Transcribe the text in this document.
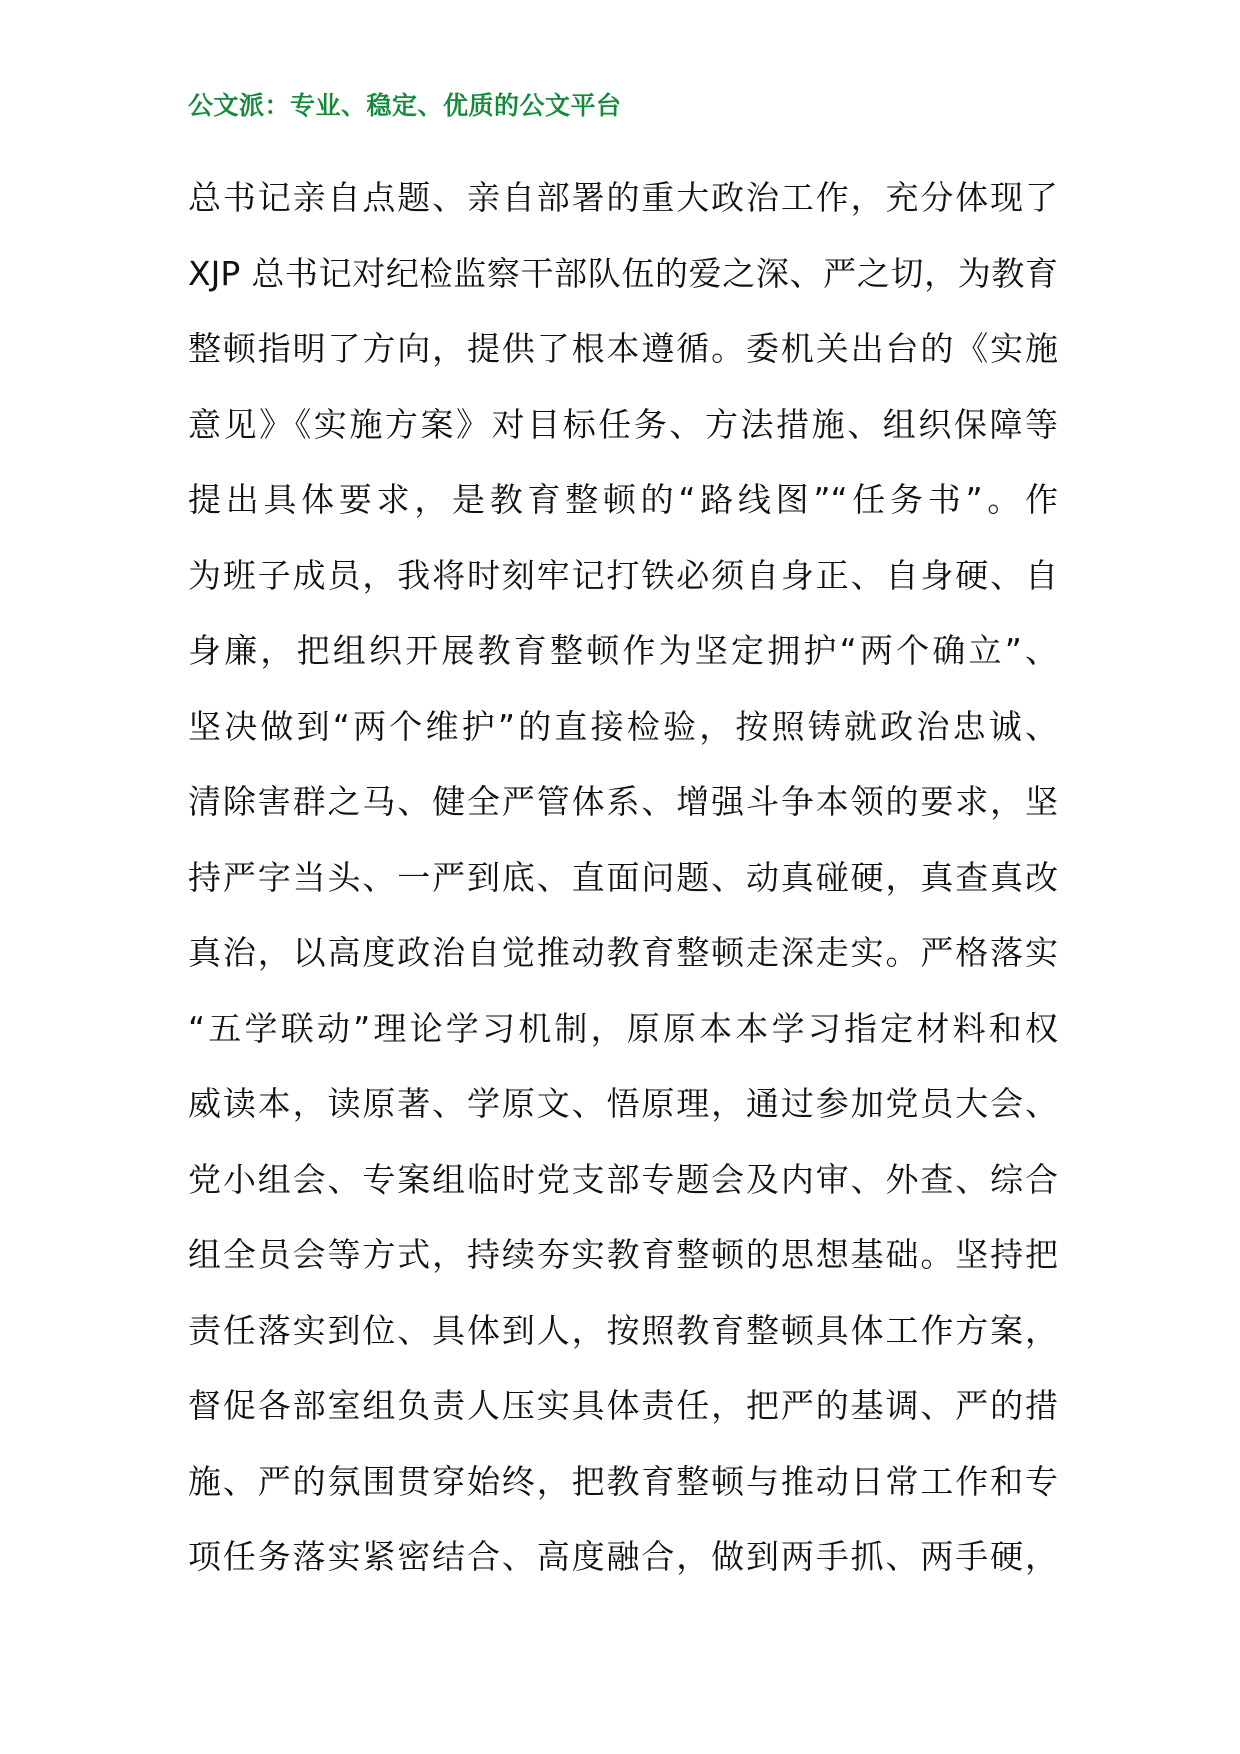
公文派：专业、稳定、优质的公文平台
总书记亲自点题、亲自部署的重大政治工作，充分体现了
XJP 总书记对纪检监察干部队伍的爱之深、严之切，为教育
整顿指明了方向，提供了根本遵循。委机关出台的《实施
意见》《实施方案》对目标任务、方法措施、组织保障等
提出具体要求，是教育整顿的“路线图”“任务书”。作
为班子成员，我将时刻牢记打铁必须自身正、自身硬、自
身廉，把组织开展教育整顿作为坚定拥护“两个确立”、
坚决做到“两个维护”的直接检验，按照铸就政治忠诚、
清除害群之马、健全严管体系、增强斗争本领的要求，坚
持严字当头、一严到底、直面问题、动真碰硬，真查真改
真治，以高度政治自觉推动教育整顿走深走实。严格落实
“五学联动”理论学习机制，原原本本学习指定材料和权
威读本，读原著、学原文、悟原理，通过参加党员大会、
党小组会、专案组临时党支部专题会及内审、外查、综合
组全员会等方式，持续夯实教育整顿的思想基础。坚持把
责任落实到位、具体到人，按照教育整顿具体工作方案，
督促各部室组负责人压实具体责任，把严的基调、严的措
施、严的氛围贯穿始终，把教育整顿与推动日常工作和专
项任务落实紧密结合、高度融合，做到两手抓、两手硬，
